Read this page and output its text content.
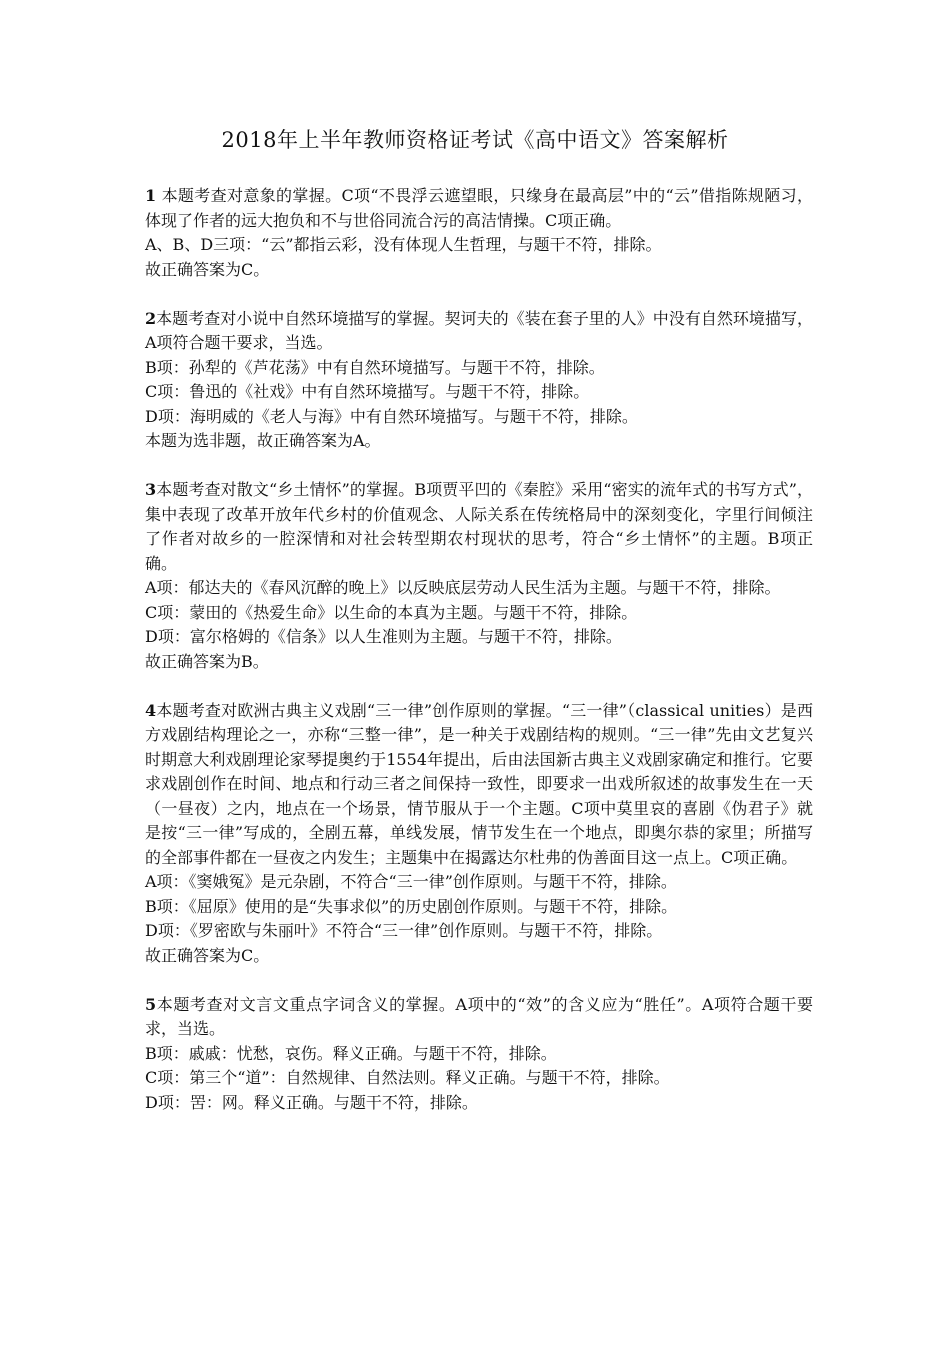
2018年上半年教师资格证考试《高中语文》答案解析

1 本题考查对意象的掌握。C项“不畏浮云遮望眼，只缘身在最高层”中的“云”借指陈规陋习，体现了作者的远大抱负和不与世俗同流合污的高洁情操。C项正确。

A、B、D三项：“云”都指云彩，没有体现人生哲理，与题干不符，排除。

故正确答案为C。

2本题考查对小说中自然环境描写的掌握。契诃夫的《装在套子里的人》中没有自然环境描写，A项符合题干要求，当选。

B项：孙犁的《芦花荡》中有自然环境描写。与题干不符，排除。

C项：鲁迅的《社戏》中有自然环境描写。与题干不符，排除。

D项：海明威的《老人与海》中有自然环境描写。与题干不符，排除。

本题为选非题，故正确答案为A。

3本题考查对散文“乡土情怀”的掌握。B项贾平凹的《秦腔》采用“密实的流年式的书写方式”，集中表现了改革开放年代乡村的价值观念、人际关系在传统格局中的深刻变化，字里行间倾注了作者对故乡的一腔深情和对社会转型期农村现状的思考，符合“乡土情怀”的主题。B项正确。

A项：郁达夫的《春风沉醉的晚上》以反映底层劳动人民生活为主题。与题干不符，排除。

C项：蒙田的《热爱生命》以生命的本真为主题。与题干不符，排除。

D项：富尔格姆的《信条》以人生准则为主题。与题干不符，排除。

故正确答案为B。

4本题考查对欧洲古典主义戏剧“三一律”创作原则的掌握。“三一律”（classical unities）是西方戏剧结构理论之一，亦称“三整一律”，是一种关于戏剧结构的规则。“三一律”先由文艺复兴时期意大利戏剧理论家琴提奥约于1554年提出，后由法国新古典主义戏剧家确定和推行。它要求戏剧创作在时间、地点和行动三者之间保持一致性，即要求一出戏所叙述的故事发生在一天（一昼夜）之内，地点在一个场景，情节服从于一个主题。C项中莫里哀的喜剧《伪君子》就是按“三一律”写成的，全剧五幕，单线发展，情节发生在一个地点，即奥尔恭的家里；所描写的全部事件都在一昼夜之内发生；主题集中在揭露达尔杜弗的伪善面目这一点上。C项正确。

A项：《窦娥冤》是元杂剧，不符合“三一律”创作原则。与题干不符，排除。

B项：《屈原》使用的是“失事求似”的历史剧创作原则。与题干不符，排除。

D项：《罗密欧与朱丽叶》不符合“三一律”创作原则。与题干不符，排除。

故正确答案为C。

5本题考查对文言文重点字词含义的掌握。A项中的“效”的含义应为“胜任”。A项符合题干要求，当选。

B项：戚戚：忧愁，哀伤。释义正确。与题干不符，排除。

C项：第三个“道”：自然规律、自然法则。释义正确。与题干不符，排除。

D项：罟：网。释义正确。与题干不符，排除。
